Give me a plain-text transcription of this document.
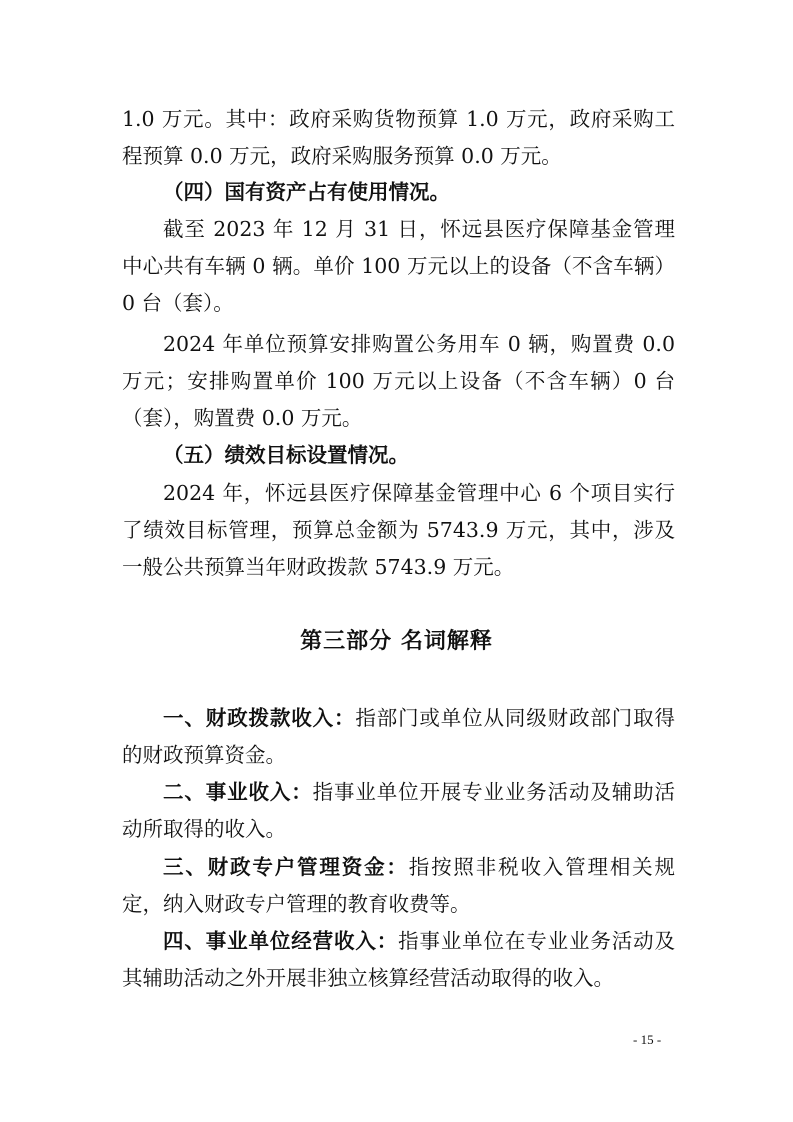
1.0 万元。其中：政府采购货物预算 1.0 万元，政府采购工程预算 0.0 万元，政府采购服务预算 0.0 万元。

（四）国有资产占有使用情况。

截至 2023 年 12 月 31 日，怀远县医疗保障基金管理中心共有车辆 0 辆。单价 100 万元以上的设备（不含车辆）0 台（套）。

2024 年单位预算安排购置公务用车 0 辆，购置费 0.0 万元；安排购置单价 100 万元以上设备（不含车辆）0 台（套），购置费 0.0 万元。

（五）绩效目标设置情况。

2024 年，怀远县医疗保障基金管理中心 6 个项目实行了绩效目标管理，预算总金额为 5743.9 万元，其中，涉及一般公共预算当年财政拨款 5743.9 万元。

第三部分 名词解释

一、财政拨款收入：指部门或单位从同级财政部门取得的财政预算资金。

二、事业收入：指事业单位开展专业业务活动及辅助活动所取得的收入。

三、财政专户管理资金：指按照非税收入管理相关规定，纳入财政专户管理的教育收费等。

四、事业单位经营收入：指事业单位在专业业务活动及其辅助活动之外开展非独立核算经营活动取得的收入。

- 15 -
